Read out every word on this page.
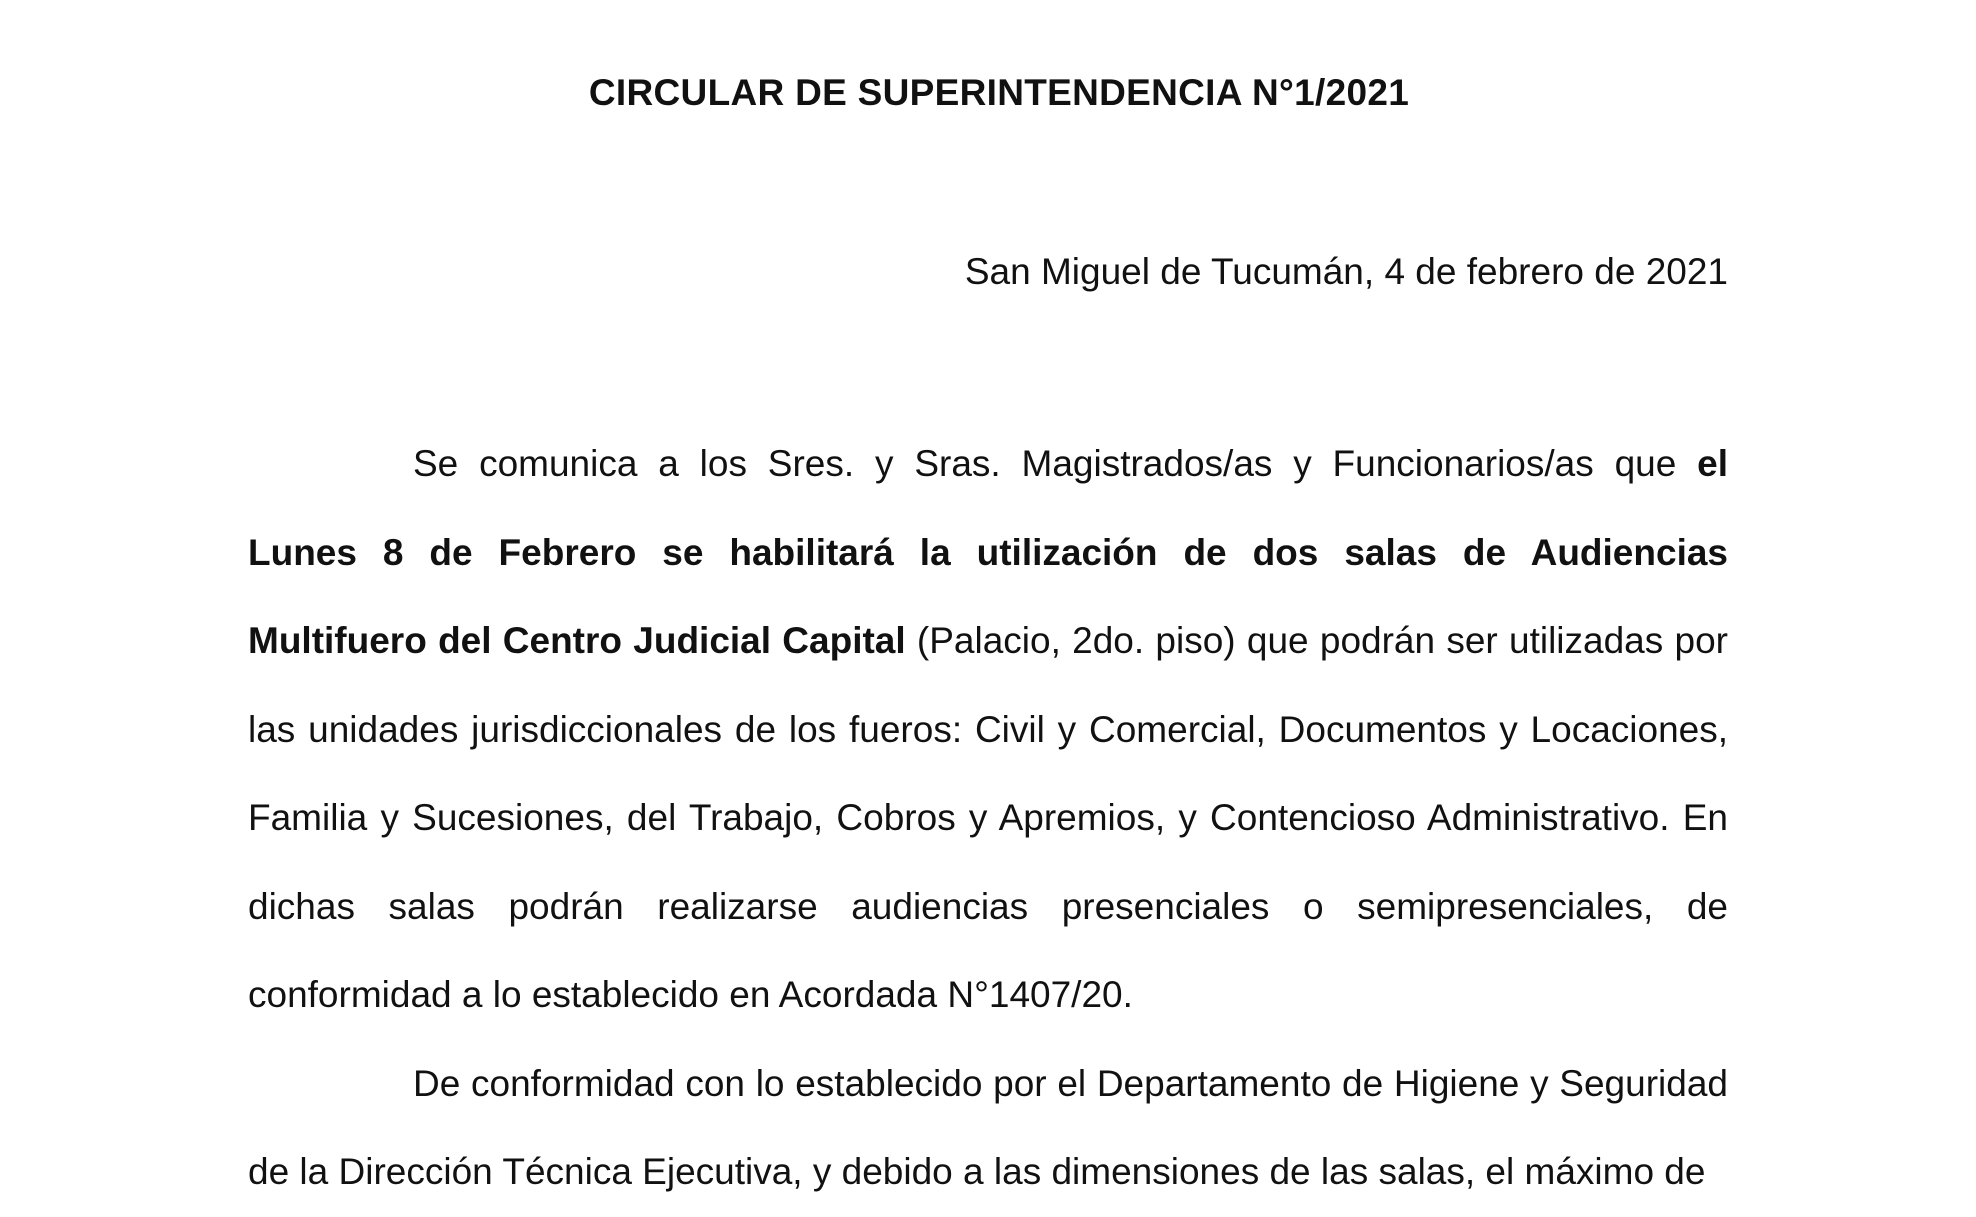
CIRCULAR DE SUPERINTENDENCIA N°1/2021
San Miguel de Tucumán, 4 de febrero de 2021

Se comunica a los Sres. y Sras. Magistrados/as y Funcionarios/as que el Lunes 8 de Febrero se habilitará la utilización de dos salas de Audiencias Multifuero del Centro Judicial Capital (Palacio, 2do. piso) que podrán ser utilizadas por las unidades jurisdiccionales de los fueros: Civil y Comercial, Documentos y Locaciones, Familia y Sucesiones, del Trabajo, Cobros y Apremios, y Contencioso Administrativo. En dichas salas podrán realizarse audiencias presenciales o semipresenciales, de conformidad a lo establecido en Acordada N°1407/20.

De conformidad con lo establecido por el Departamento de Higiene y Seguridad de la Dirección Técnica Ejecutiva, y debido a las dimensiones de las salas, el máximo de
